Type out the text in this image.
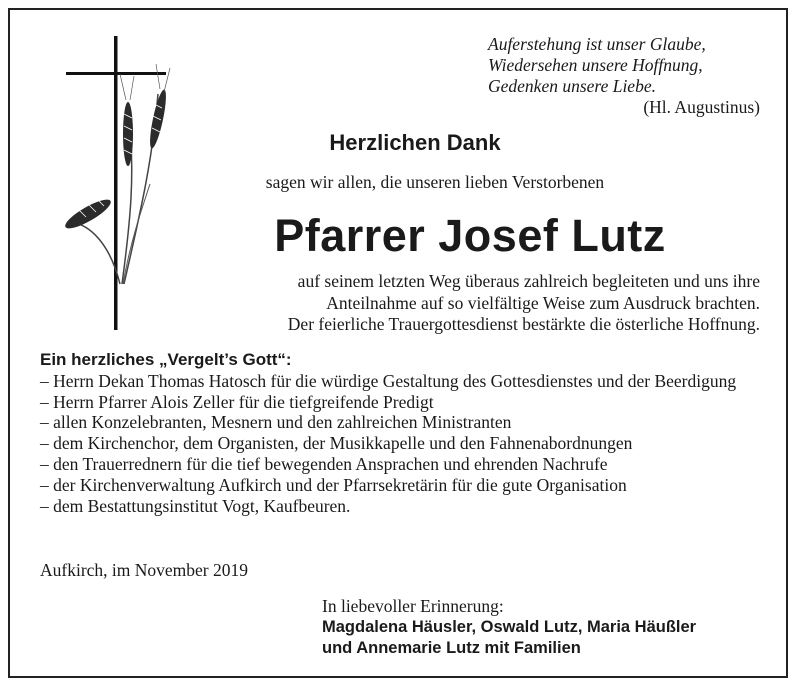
Auferstehung ist unser Glaube,
Wiedersehen unsere Hoffnung,
Gedenken unsere Liebe.
(Hl. Augustinus)
Herzlichen Dank
sagen wir allen, die unseren lieben Verstorbenen
Pfarrer Josef Lutz
auf seinem letzten Weg überaus zahlreich begleiteten und uns ihre
Anteilnahme auf so vielfältige Weise zum Ausdruck brachten.
Der feierliche Trauergottesdienst bestärkte die österliche Hoffnung.
Ein herzliches „Vergelt’s Gott“:
– Herrn Dekan Thomas Hatosch für die würdige Gestaltung des Gottesdienstes und der Beerdigung
– Herrn Pfarrer Alois Zeller für die tiefgreifende Predigt
– allen Konzelebranten, Mesnern und den zahlreichen Ministranten
– dem Kirchenchor, dem Organisten, der Musikkapelle und den Fahnenabordnungen
– den Trauerrednern für die tief bewegenden Ansprachen und ehrenden Nachrufe
– der Kirchenverwaltung Aufkirch und der Pfarrsekretärin für die gute Organisation
– dem Bestattungsinstitut Vogt, Kaufbeuren.
Aufkirch, im November 2019
In liebevoller Erinnerung:
Magdalena Häusler, Oswald Lutz, Maria Häußler
und Annemarie Lutz mit Familien
